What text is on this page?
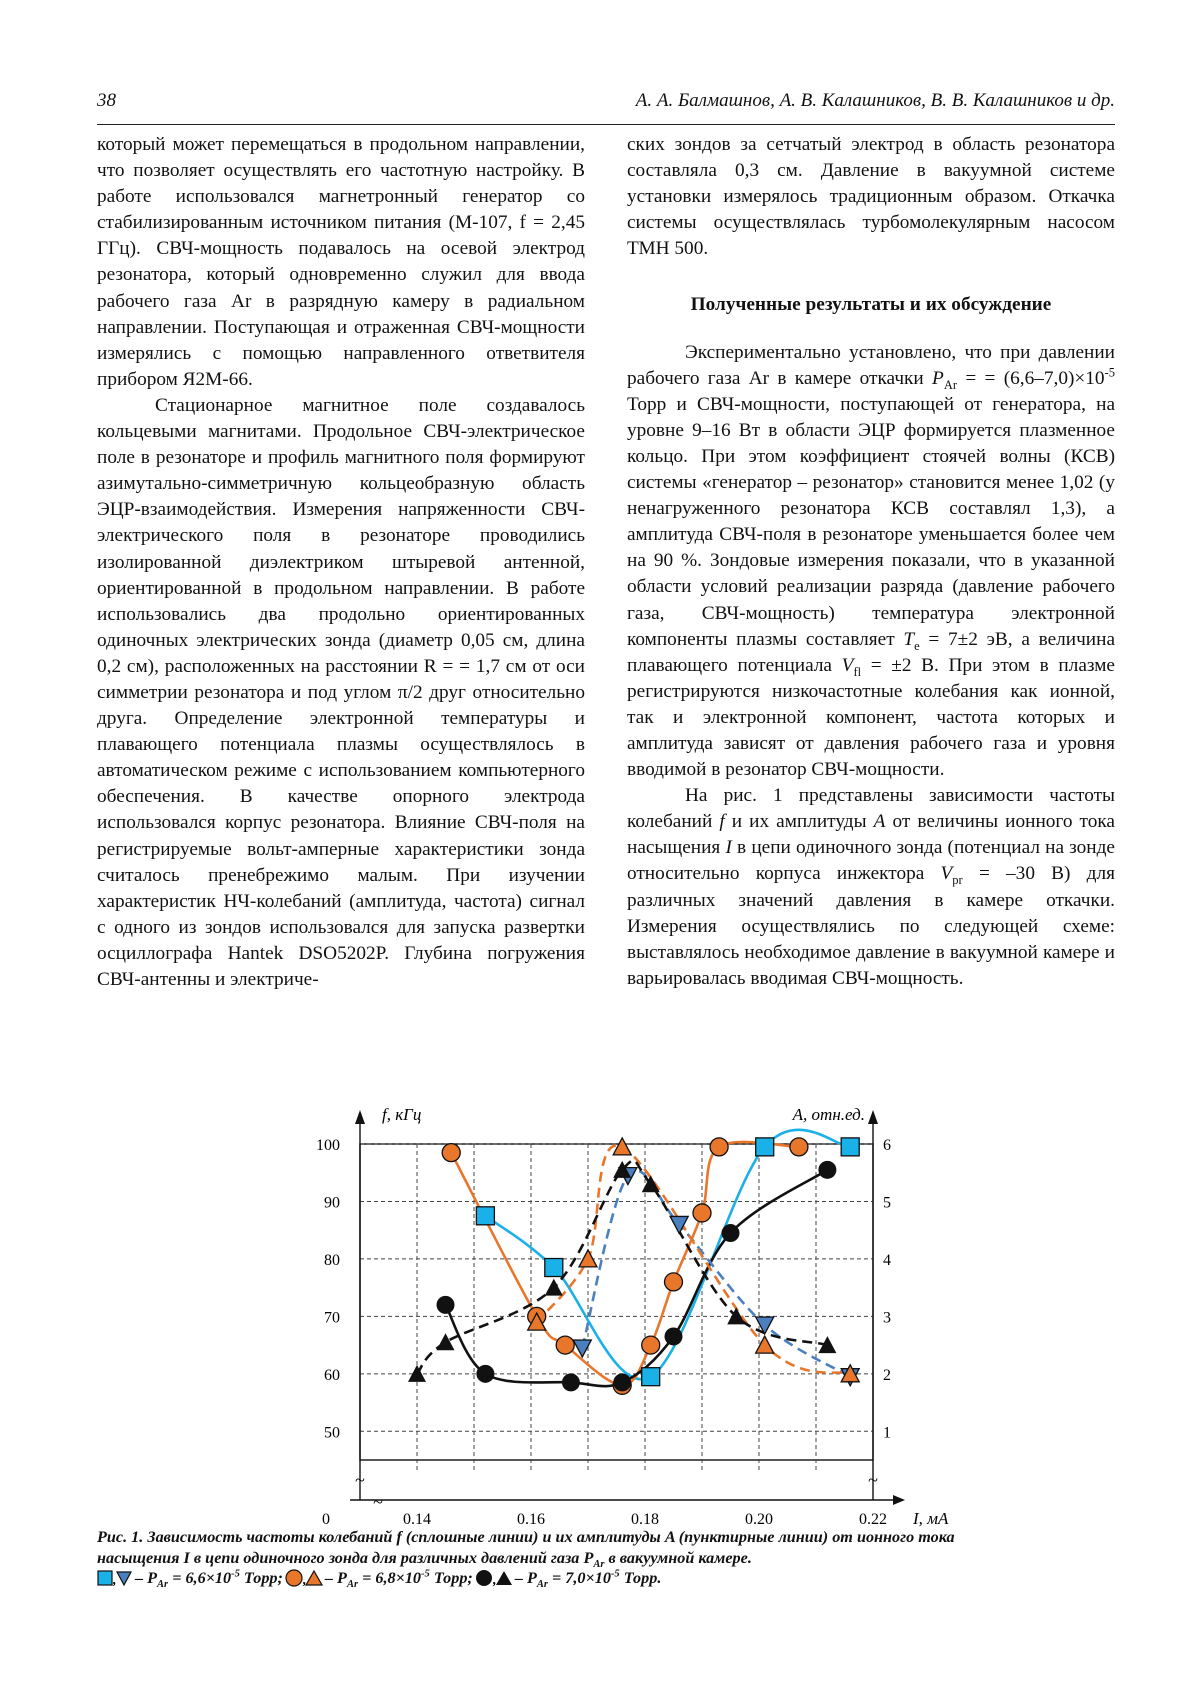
38	А. А. Балмашнов, А. В. Калашников, В. В. Калашников и др.

который может перемещаться в продольном направлении, что позволяет осуществлять его частотную настройку. В работе использовался магнетронный генератор со стабилизированным источником питания (М-107, f = 2,45 ГГц). СВЧ-мощность подавалось на осевой электрод резонатора, который одновременно служил для ввода рабочего газа Ar в разрядную камеру в радиальном направлении. Поступающая и отраженная СВЧ-мощности измерялись с помощью направленного ответвителя прибором Я2М-66.

Стационарное магнитное поле создавалось кольцевыми магнитами. Продольное СВЧ-электрическое поле в резонаторе и профиль магнитного поля формируют азимутально-симметричную кольцеобразную область ЭЦР-взаимодействия. Измерения напряженности СВЧ-электрического поля в резонаторе проводились изолированной диэлектриком штыревой антенной, ориентированной в продольном направлении. В работе использовались два продольно ориентированных одиночных электрических зонда (диаметр 0,05 см, длина 0,2 см), расположенных на расстоянии R = = 1,7 см от оси симметрии резонатора и под углом π/2 друг относительно друга. Определение электронной температуры и плавающего потенциала плазмы осуществлялось в автоматическом режиме с использованием компьютерного обеспечения. В качестве опорного электрода использовался корпус резонатора. Влияние СВЧ-поля на регистрируемые вольт-амперные характеристики зонда считалось пренебрежимо малым. При изучении характеристик НЧ-колебаний (амплитуда, частота) сигнал с одного из зондов использовался для запуска развертки осциллографа Hantek DSO5202P. Глубина погружения СВЧ-антенны и электриче-

ских зондов за сетчатый электрод в область резонатора составляла 0,3 см. Давление в вакуумной системе установки измерялось традиционным образом. Откачка системы осуществлялась турбомолекулярным насосом ТМН 500.

Полученные результаты и их обсуждение

Экспериментально установлено, что при давлении рабочего газа Ar в камере откачки $P_{Ar}$ = = $(6,6-7,0)\times 10^{-5}$ Торр и СВЧ-мощности, поступающей от генератора, на уровне 9–16 Вт в области ЭЦР формируется плазменное кольцо. При этом коэффициент стоячей волны (КСВ) системы «генератор – резонатор» становится менее 1,02 (у ненагруженного резонатора КСВ составлял 1,3), а амплитуда СВЧ-поля в резонаторе уменьшается более чем на 90 %. Зондовые измерения показали, что в указанной области условий реализации разряда (давление рабочего газа, СВЧ-мощность) температура электронной компоненты плазмы составляет $T_e = 7\pm 2$ эВ, а величина плавающего потенциала $V_{fl} = \pm 2$ В. При этом в плазме регистрируются низкочастотные колебания как ионной, так и электронной компонент, частота которых и амплитуда зависят от давления рабочего газа и уровня вводимой в резонатор СВЧ-мощности.

На рис. 1 представлены зависимости частоты колебаний f и их амплитуды A от величины ионного тока насыщения I в цепи одиночного зонда (потенциал на зонде относительно корпуса инжектора $V_{pr} = -30$ В) для различных значений давления в камере откачки. Измерения осуществлялись по следующей схеме: выставлялось необходимое давление в вакуумной камере и варьировалась вводимая СВЧ-мощность.

100	6
90	5
80	4
70	3
60	2
50	1
~
~
~
0	0.14	0.16	0.18	0.20	0.22
f, кГц	A, отн.ед.
I, мА
Рис. 1. Зависимость частоты колебаний f (сплошные линии) и их амплитуды A (пунктирные линии) от ионного тока
насыщения I в цепи одиночного зонда для различных давлений газа $P_{Ar}$ в вакуумной камере.
, – $P_{Ar} = 6,6\times 10^{-5}$ Торр; , – $P_{Ar} = 6,8\times 10^{-5}$ Торр; , – $P_{Ar} = 7,0\times 10^{-5}$ Торр.
